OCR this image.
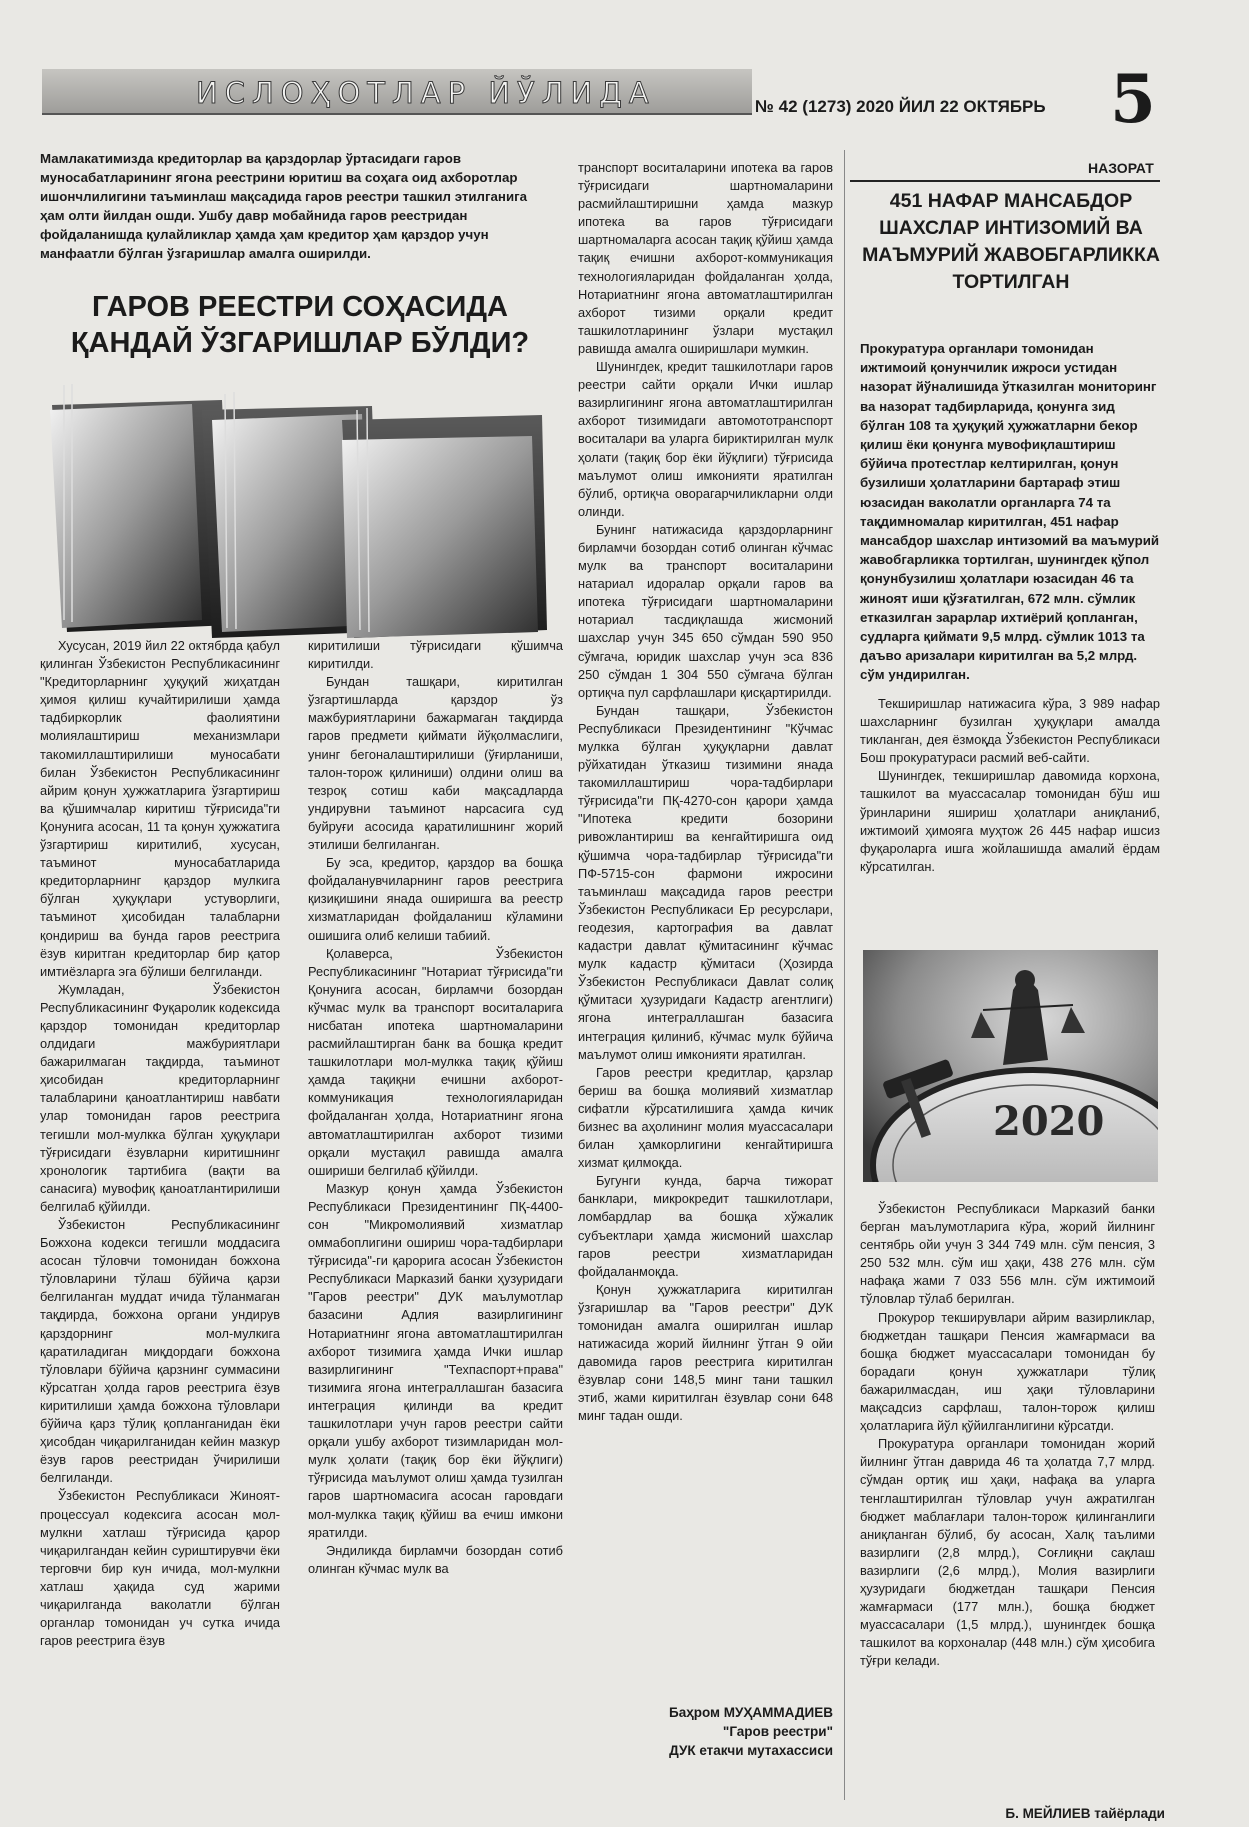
ИСЛОҲОТЛАР ЙЎЛИДА	№ 42 (1273) 2020 ЙИЛ 22 ОКТЯБРЬ 5
Мамлакатимизда кредиторлар ва қарздорлар ўртасидаги гаров муносабатларининг ягона реестрини юритиш ва соҳага оид ахборотлар ишончлилигини таъминлаш мақсадида гаров реестри ташкил этилганига ҳам олти йилдан ошди. Ушбу давр мобайнида гаров реестридан фойдаланишда қулайликлар ҳамда ҳам кредитор ҳам қарздор учун манфаатли бўлган ўзгаришлар амалга оширилди.
ГАРОВ РЕЕСТРИ СОҲАСИДА
ҚАНДАЙ ЎЗГАРИШЛАР БЎЛДИ?

Хусусан, 2019 йил 22 октябрда қабул қилинган Ўзбекистон Республикасининг "Кредиторларнинг ҳуқуқий жиҳатдан ҳимоя қилиш кучайтирилиши ҳамда тадбиркорлик фаолиятини молиялаштириш механизмлари такомиллаштирилиши муносабати билан Ўзбекистон Республикасининг айрим қонун ҳужжатларига ўзгартириш ва қўшимчалар киритиш тўғрисида"ги Қонунига асосан, 11 та қонун ҳужжатига ўзгартириш киритилиб, хусусан, таъминот муносабатларида кредиторларнинг қарздор мулкига бўлган ҳуқуқлари устуворлиги, таъминот ҳисобидан талабларни қондириш ва бунда гаров реестрига ёзув киритган кредиторлар бир қатор имтиёзларга эга бўлиши белгиланди.

Жумладан, Ўзбекистон Республикасининг Фуқаролик кодексида қарздор томонидан кредиторлар олдидаги мажбуриятлари бажарилмаган тақдирда, таъминот ҳисобидан кредиторларнинг талабларини қаноатлантириш навбати улар томонидан гаров реестрига тегишли мол-мулкка бўлган ҳуқуқлари тўғрисидаги ёзувларни киритишнинг хронологик тартибига (вақти ва санасига) мувофиқ қаноатлантирилиши белгилаб қўйилди.

Ўзбекистон Республикасининг Божхона кодекси тегишли моддасига асосан тўловчи томонидан божхона тўловларини тўлаш бўйича қарзи белгиланган муддат ичида тўланмаган тақдирда, божхона органи ундирув қарздорнинг мол-мулкига қаратиладиган миқдордаги божхона тўловлари бўйича қарзнинг суммасини кўрсатган ҳолда гаров реестрига ёзув киритилиши ҳамда божхона тўловлари бўйича қарз тўлиқ қопланганидан ёки ҳисобдан чиқарилганидан кейин мазкур ёзув гаров реестридан ўчирилиши белгиланди.

Ўзбекистон Республикаси Жиноят-процессуал кодексига асосан мол-мулкни хатлаш тўғрисида қарор чиқарилгандан кейин суриштирувчи ёки терговчи бир кун ичида, мол-мулкни хатлаш ҳақида суд жарими чиқарилганда ваколатли бўлган органлар томонидан уч сутка ичида гаров реестрига ёзув

киритилиши тўғрисидаги қўшимча киритилди.

Бундан ташқари, киритилган ўзгартишларда қарздор ўз мажбуриятларини бажармаган тақдирда гаров предмети қиймати йўқолмаслиги, унинг бегоналаштирилиши (ўғирланиши, талон-торож қилиниши) олдини олиш ва тезроқ сотиш каби мақсадларда ундирувни таъминот нарсасига суд буйруғи асосида қаратилишнинг жорий этилиши белгиланган.

Бу эса, кредитор, қарздор ва бошқа фойдаланувчиларнинг гаров реестрига қизиқишини янада оширишга ва реестр хизматларидан фойдаланиш кўламини ошишига олиб келиши табиий.

Қолаверса, Ўзбекистон Республикасининг "Нотариат тўғрисида"ги Қонунига асосан, бирламчи бозордан кўчмас мулк ва транспорт воситаларига нисбатан ипотека шартномаларини расмийлаштирган банк ва бошқа кредит ташкилотлари мол-мулкка тақиқ қўйиш ҳамда тақиқни ечишни ахборот-коммуникация технологияларидан фойдаланган ҳолда, Нотариатнинг ягона автоматлаштирилган ахборот тизими орқали мустақил равишда амалга ошириши белгилаб қўйилди.

Мазкур қонун ҳамда Ўзбекистон Республикаси Президентининг ПҚ-4400-сон "Микромолиявий хизматлар оммабоплигини ошириш чора-тадбирлари тўғрисида"-ги қарорига асосан Ўзбекистон Республикаси Марказий банки ҳузуридаги "Гаров реестри" ДУК маълумотлар базасини Адлия вазирлигининг Нотариатнинг ягона автоматлаштирилган ахборот тизимига ҳамда Ички ишлар вазирлигининг "Техпаспорт+права" тизимига ягона интеграллашган базасига интеграция қилинди ва кредит ташкилотлари учун гаров реестри сайти орқали ушбу ахборот тизимларидан мол-мулк ҳолати (тақиқ бор ёки йўқлиги) тўғрисида маълумот олиш ҳамда тузилган гаров шартномасига асосан гаровдаги мол-мулкка тақиқ қўйиш ва ечиш имкони яратилди.

Эндиликда бирламчи бозордан сотиб олинган кўчмас мулк ва

транспорт воситаларини ипотека ва гаров тўғрисидаги шартномаларини расмийлаштиришни ҳамда мазкур ипотека ва гаров тўғрисидаги шартномаларга асосан тақиқ қўйиш ҳамда тақиқ ечишни ахборот-коммуникация технологияларидан фойдаланган ҳолда, Нотариатнинг ягона автоматлаштирилган ахборот тизими орқали кредит ташкилотларининг ўзлари мустақил равишда амалга оширишлари мумкин.

Шунингдек, кредит ташкилотлари гаров реестри сайти орқали Ички ишлар вазирлигининг ягона автоматлаштирилган ахборот тизимидаги автомототранспорт воситалари ва уларга бириктирилган мулк ҳолати (тақиқ бор ёки йўқлиги) тўғрисида маълумот олиш имконияти яратилган бўлиб, ортиқча оворагарчиликларни олди олинди.

Бунинг натижасида қарздорларнинг бирламчи бозордан сотиб олинган кўчмас мулк ва транспорт воситаларини натариал идоралар орқали гаров ва ипотека тўғрисидаги шартномаларини нотариал тасдиқлашда жисмоний шахслар учун 345 650 сўмдан 590 950 сўмгача, юридик шахслар учун эса 836 250 сўмдан 1 304 550 сўмгача бўлган ортиқча пул сарфлашлари қисқартирилди.

Бундан ташқари, Ўзбекистон Республикаси Президентининг "Кўчмас мулкка бўлган ҳуқуқларни давлат рўйхатидан ўтказиш тизимини янада такомиллаштириш чора-тадбирлари тўғрисида"ги ПҚ-4270-сон қарори ҳамда "Ипотека кредити бозорини ривожлантириш ва кенгайтиришга оид қўшимча чора-тадбирлар тўғрисида"ги ПФ-5715-сон фармони ижросини таъминлаш мақсадида гаров реестри Ўзбекистон Республикаси Ер ресурслари, геодезия, картография ва давлат кадастри давлат қўмитасининг кўчмас мулк кадастр қўмитаси (Ҳозирда Ўзбекистон Республикаси Давлат солиқ қўмитаси ҳузуридаги Кадастр агентлиги) ягона интеграллашган базасига интеграция қилиниб, кўчмас мулк бўйича маълумот олиш имконияти яратилган.

Гаров реестри кредитлар, қарзлар бериш ва бошқа молиявий хизматлар сифатли кўрсатилишига ҳамда кичик бизнес ва аҳолининг молия муассасалари билан ҳамкорлигини кенгайтиришга хизмат қилмоқда.

Бугунги кунда, барча тижорат банклари, микрокредит ташкилотлари, ломбардлар ва бошқа хўжалик субъектлари ҳамда жисмоний шахслар гаров реестри хизматларидан фойдаланмоқда.

Қонун ҳужжатларига киритилган ўзгаришлар ва "Гаров реестри" ДУК томонидан амалга оширилган ишлар натижасида жорий йилнинг ўтган 9 ойи давомида гаров реестрига киритилган ёзувлар сони 148,5 минг тани ташкил этиб, жами киритилган ёзувлар сони 648 минг тадан ошди.

Баҳром МУҲАММАДИЕВ
"Гаров реестри"
ДУК етакчи мутахассиси
НАЗОРАТ
451 НАФАР МАНСАБДОР ШАХСЛАР ИНТИЗОМИЙ ВА МАЪМУРИЙ ЖАВОБГАРЛИККА ТОРТИЛГАН
Прокуратура органлари томонидан ижтимоий қонунчилик ижроси устидан назорат йўналишида ўтказилган мониторинг ва назорат тадбирларида, қонунга зид бўлган 108 та ҳуқуқий ҳужжатларни бекор қилиш ёки қонунга мувофиқлаштириш бўйича протестлар келтирилган, қонун бузилиши ҳолатларини бартараф этиш юзасидан ваколатли органларга 74 та тақдимномалар киритилган, 451 нафар мансабдор шахслар интизомий ва маъмурий жавобгарликка тортилган, шунингдек қўпол қонунбузилиш ҳолатлари юзасидан 46 та жиноят иши қўзғатилган, 672 млн. сўмлик етказилган зарарлар ихтиёрий қопланган, судларга қиймати 9,5 млрд. сўмлик 1013 та даъво аризалари киритилган ва 5,2 млрд. сўм ундирилган.

Текширишлар натижасига кўра, 3 989 нафар шахсларнинг бузилган ҳуқуқлари амалда тикланган, дея ёзмоқда Ўзбекистон Республикаси Бош прокуратураси расмий веб-сайти.

Шунингдек, текширишлар давомида корхона, ташкилот ва муассасалар томонидан бўш иш ўринларини яшириш ҳолатлари аниқланиб, ижтимоий ҳимояга муҳтож 26 445 нафар ишсиз фуқароларга ишга жойлашишда амалий ёрдам кўрсатилган.

2020

Ўзбекистон Республикаси Марказий банки берган маълумотларига кўра, жорий йилнинг сентябрь ойи учун 3 344 749 млн. сўм пенсия, 3 250 532 млн. сўм иш ҳақи, 438 276 млн. сўм нафақа жами 7 033 556 млн. сўм ижтимоий тўловлар тўлаб берилган.

Прокурор текширувлари айрим вазирликлар, бюджетдан ташқари Пенсия жамғармаси ва бошқа бюджет муассасалари томонидан бу борадаги қонун ҳужжатлари тўлиқ бажарилмасдан, иш ҳақи тўловларини мақсадсиз сарфлаш, талон-торож қилиш ҳолатларига йўл қўйилганлигини кўрсатди.

Прокуратура органлари томонидан жорий йилнинг ўтган даврида 46 та ҳолатда 7,7 млрд. сўмдан ортиқ иш ҳақи, нафақа ва уларга тенглаштирилган тўловлар учун ажратилган бюджет маблағлари талон-торож қилинганлиги аниқланган бўлиб, бу асосан, Халқ таълими вазирлиги (2,8 млрд.), Соғлиқни сақлаш вазирлиги (2,6 млрд.), Молия вазирлиги ҳузуридаги бюджетдан ташқари Пенсия жамғармаси (177 млн.), бошқа бюджет муассасалари (1,5 млрд.), шунингдек бошқа ташкилот ва корхоналар (448 млн.) сўм ҳисобига тўғри келади.

Б. МЕЙЛИЕВ тайёрлади
